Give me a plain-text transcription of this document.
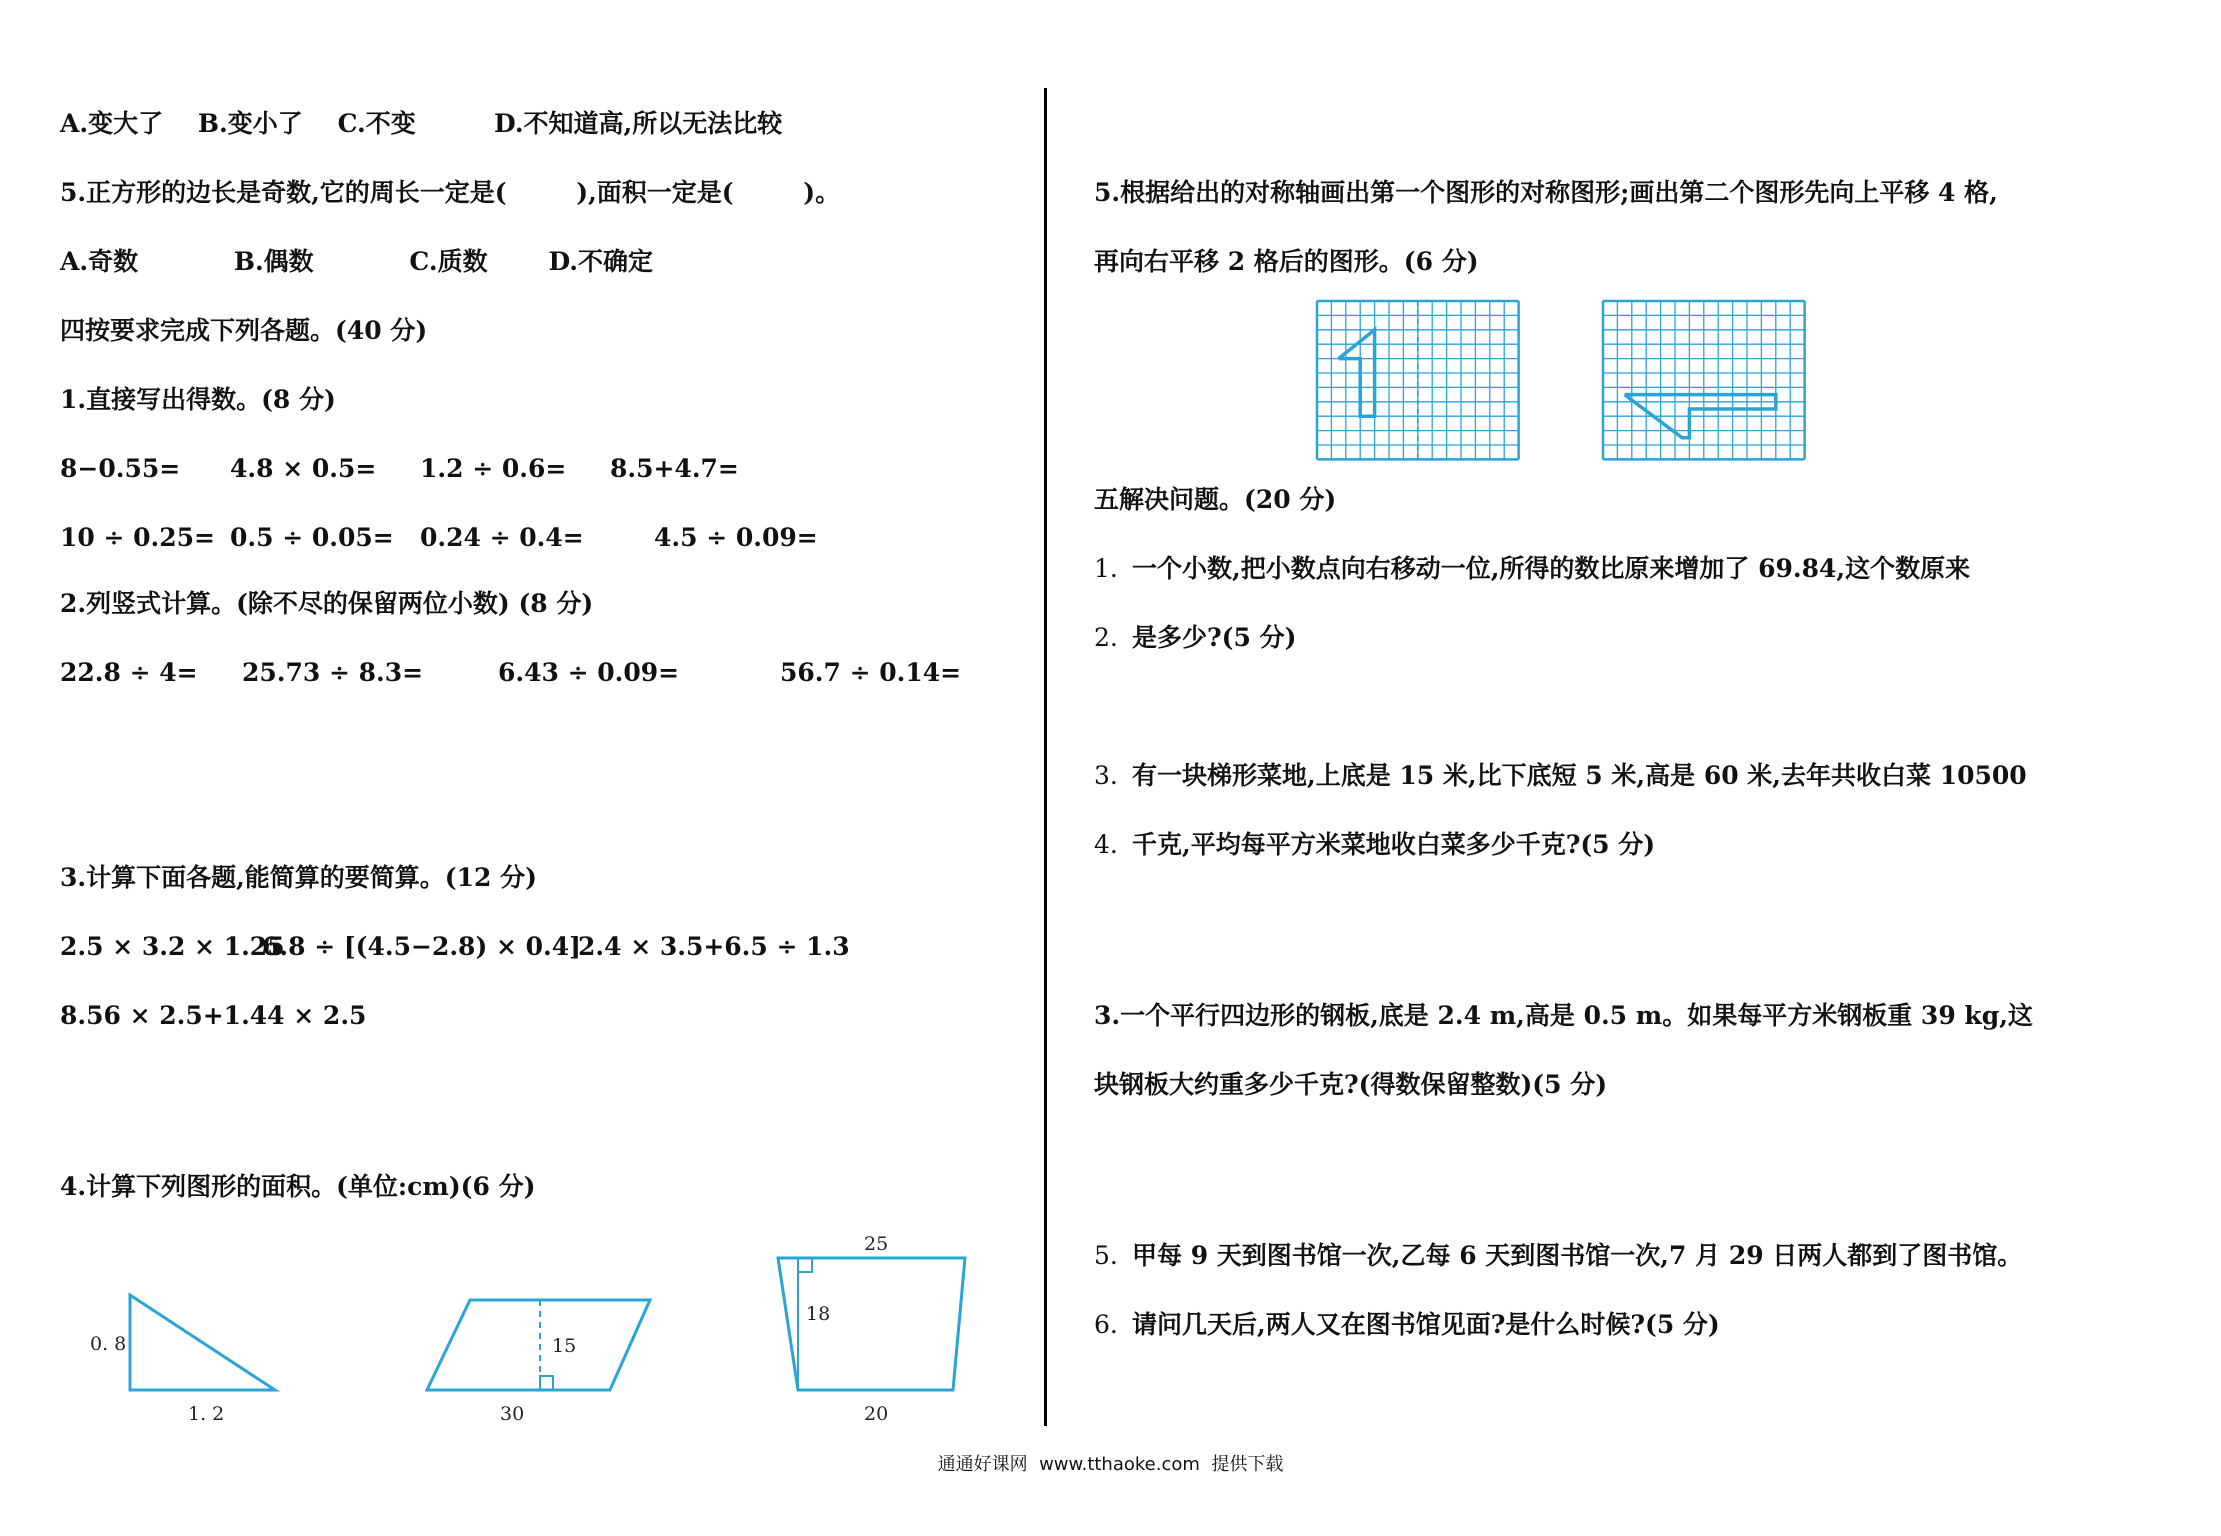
A.变大了    B.变小了    C.不变         D.不知道高,所以无法比较
5.正方形的边长是奇数,它的周长一定是(        ),面积一定是(        )。
A.奇数           B.偶数           C.质数       D.不确定
四按要求完成下列各题。(40 分)
1.直接写出得数。(8 分)
8−0.55= 4.8 × 0.5= 1.2 ÷ 0.6= 8.5+4.7=
10 ÷ 0.25= 0.5 ÷ 0.05= 0.24 ÷ 0.4=	4.5 ÷ 0.09=
2.列竖式计算。(除不尽的保留两位小数) (8 分)
22.8 ÷ 4= 25.73 ÷ 8.3=	6.43 ÷ 0.09=	56.7 ÷ 0.14=
3.计算下面各题,能简算的要简算。(12 分)
2.5 × 3.2 × 1.25
6.8 ÷ [(4.5−2.8) × 0.4]
2.4 × 3.5+6.5 ÷ 1.3
8.56 × 2.5+1.44 × 2.5
4.计算下列图形的面积。(单位:cm)(6 分)
0. 8
1. 2
15
30
25
18
20
5.根据给出的对称轴画出第一个图形的对称图形;画出第二个图形先向上平移 4 格,
再向右平移 2 格后的图形。(6 分)
五解决问题。(20 分)
1. 一个小数,把小数点向右移动一位,所得的数比原来增加了 69.84,这个数原来
2. 是多少?(5 分)
3. 有一块梯形菜地,上底是 15 米,比下底短 5 米,高是 60 米,去年共收白菜 10500
4. 千克,平均每平方米菜地收白菜多少千克?(5 分)
3.一个平行四边形的钢板,底是 2.4 m,高是 0.5 m。如果每平方米钢板重 39 kg,这
块钢板大约重多少千克?(得数保留整数)(5 分)
5. 甲每 9 天到图书馆一次,乙每 6 天到图书馆一次,7 月 29 日两人都到了图书馆。
6. 请问几天后,两人又在图书馆见面?是什么时候?(5 分)
通通好课网  www.tthaoke.com  提供下载
